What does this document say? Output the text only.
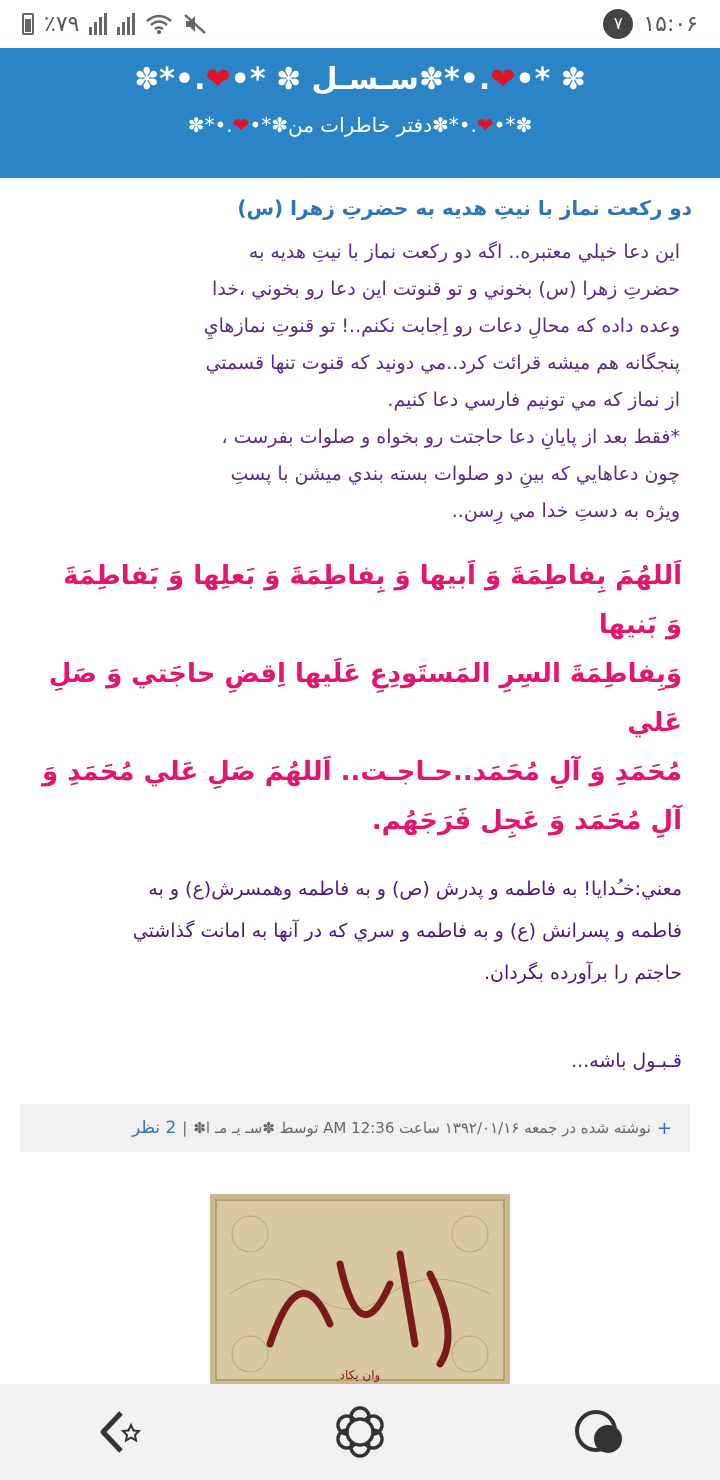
٪۷۹	۷ ۱۵:۰۶
✽*•.❤•* ✽ سـسـل✽*•.❤•* ✽
✽*•.❤•*✽دفتر خاطرات من✽*•.❤•*✽
دو رکعت نماز با نیتِ هدیه به حضرتِ زهرا (س)
اين دعا خيلي معتبره.. اگه دو رکعت نماز با نيتِ هديه به
حضرتِ زهرا (س) بخوني و تو قنوتت اين دعا رو بخوني ،خدا
وعده داده که محالِ دعات رو اِجابت نکنم..! تو قنوتِ نمازهايِ
پنجگانه هم ميشه قرائت کرد..مي دونيد که قنوت تنها قسمتي
از نماز که مي تونيم فارسي دعا کنيم.
*فقط بعد از پايانِ دعا حاجتت رو بخواه و صلوات بفرست ،
چون دعاهايي که بينِ دو صلوات بسته بندي ميشن با پستِ
ويژه به دستِ خدا مي رِسن..
اَللهُمَ بِفاطِمَةَ وَ اَبيها وَ بِفاطِمَةَ وَ بَعلِها وَ بَفاطِمَةَ وَ بَنيها
وَبِفاطِمَةَ السِرِ المَستَودِعِ عَلَيها اِقضِ حاجَتي وَ صَلِ عَلي
مُحَمَدِ وَ آلِ مُحَمَد..حـاجـت.. اَللهُمَ صَلِ عَلي مُحَمَدِ وَ
آلِ مُحَمَد وَ عَجِل فَرَجَهُم.
معني:خـُدايا! به فاطمه و پدرش (ص) و به فاطمه وهمسرش(ع) و به
فاطمه و پسرانش (ع) و به فاطمه و سري که در آنها به امانت گذاشتي
حاجتم را برآورده بگردان.
قـبـول باشه...
+
نوشته شده در جمعه ۱۳۹۲/۰۱/۱۶ ساعت 12:36 AM توسط ✽سـ یـ مـ ا✽
|
2 نظر
وان یکاد
